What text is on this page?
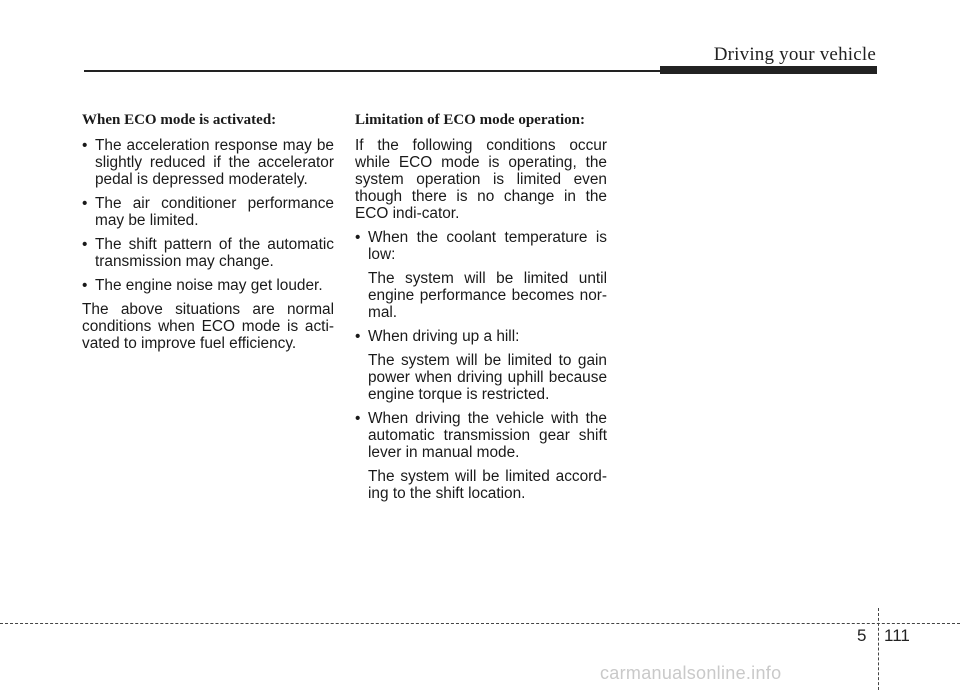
Driving your vehicle
When ECO mode is activated:
• The acceleration response may be slightly reduced if the accelerator pedal is depressed moderately.
• The air conditioner performance may be limited.
• The shift pattern of the automatic transmission may change.
• The engine noise may get louder.

The above situations are normal conditions when ECO mode is acti-vated to improve fuel efficiency.

Limitation of ECO mode operation:

If the following conditions occur while ECO mode is operating, the system operation is limited even though there is no change in the ECO indi-cator.

• When the coolant temperature is low:

The system will be limited until engine performance becomes nor-mal.

• When driving up a hill:

The system will be limited to gain power when driving uphill because engine torque is restricted.

• When driving the vehicle with the automatic transmission gear shift lever in manual mode.

The system will be limited accord-ing to the shift location.

5 111
carmanualsonline.info
